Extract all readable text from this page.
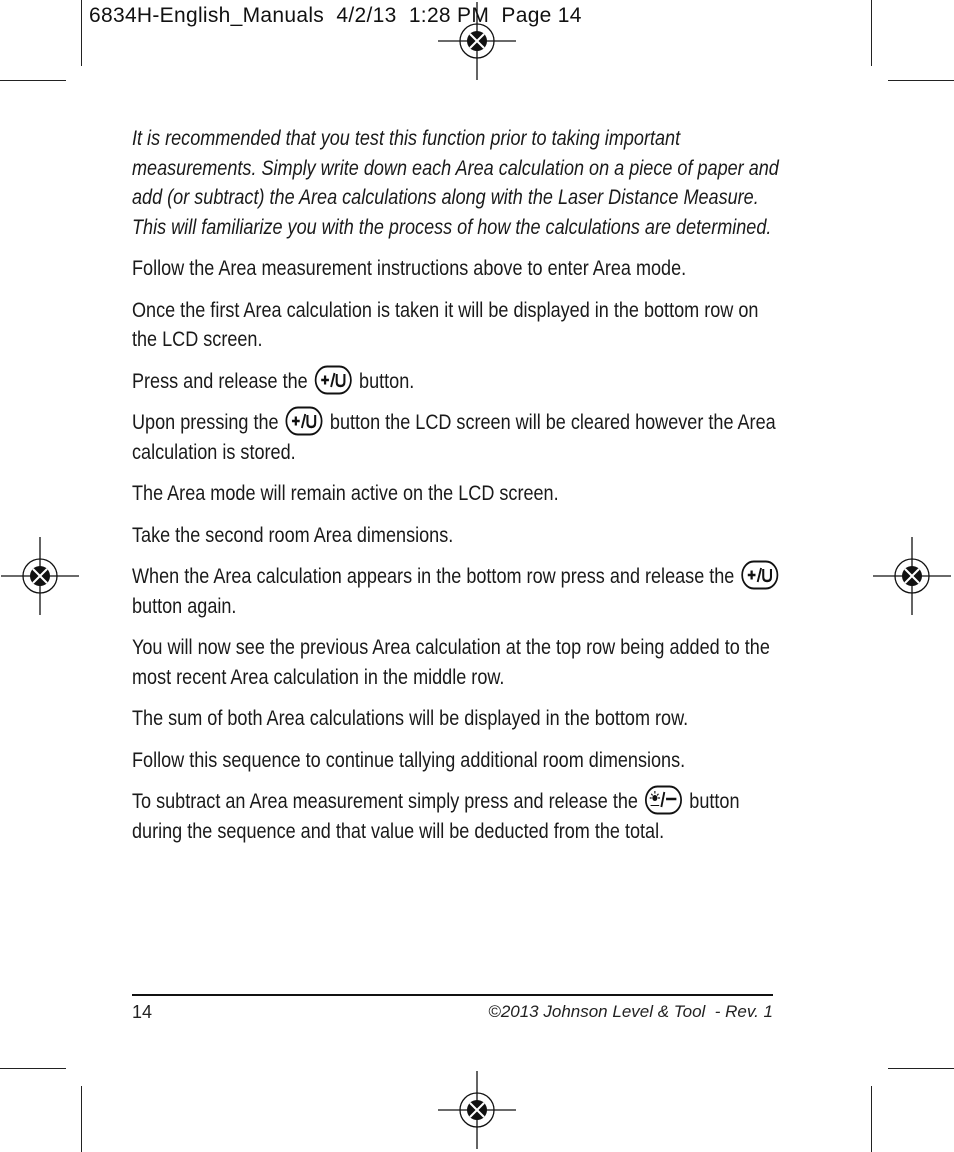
6834H-English_Manuals  4/2/13  1:28 PM  Page 14

It is recommended that you test this function prior to taking important measurements. Simply write down each Area calculation on a piece of paper and add (or subtract) the Area calculations along with the Laser Distance Measure. This will familiarize you with the process of how the calculations are determined.

Follow the Area measurement instructions above to enter Area mode.

Once the first Area calculation is taken it will be displayed in the bottom row on the LCD screen.

Press and release the button.

Upon pressing the button the LCD screen will be cleared however the Area calculation is stored.

The Area mode will remain active on the LCD screen.

Take the second room Area dimensions.

When the Area calculation appears in the bottom row press and release the  button again.

You will now see the previous Area calculation at the top row being added to the most recent Area calculation in the middle row.

The sum of both Area calculations will be displayed in the bottom row.

Follow this sequence to continue tallying additional room dimensions.

To subtract an Area measurement simply press and release the button during the sequence and that value will be deducted from the total.

14	©2013 Johnson Level & Tool  - Rev. 1
